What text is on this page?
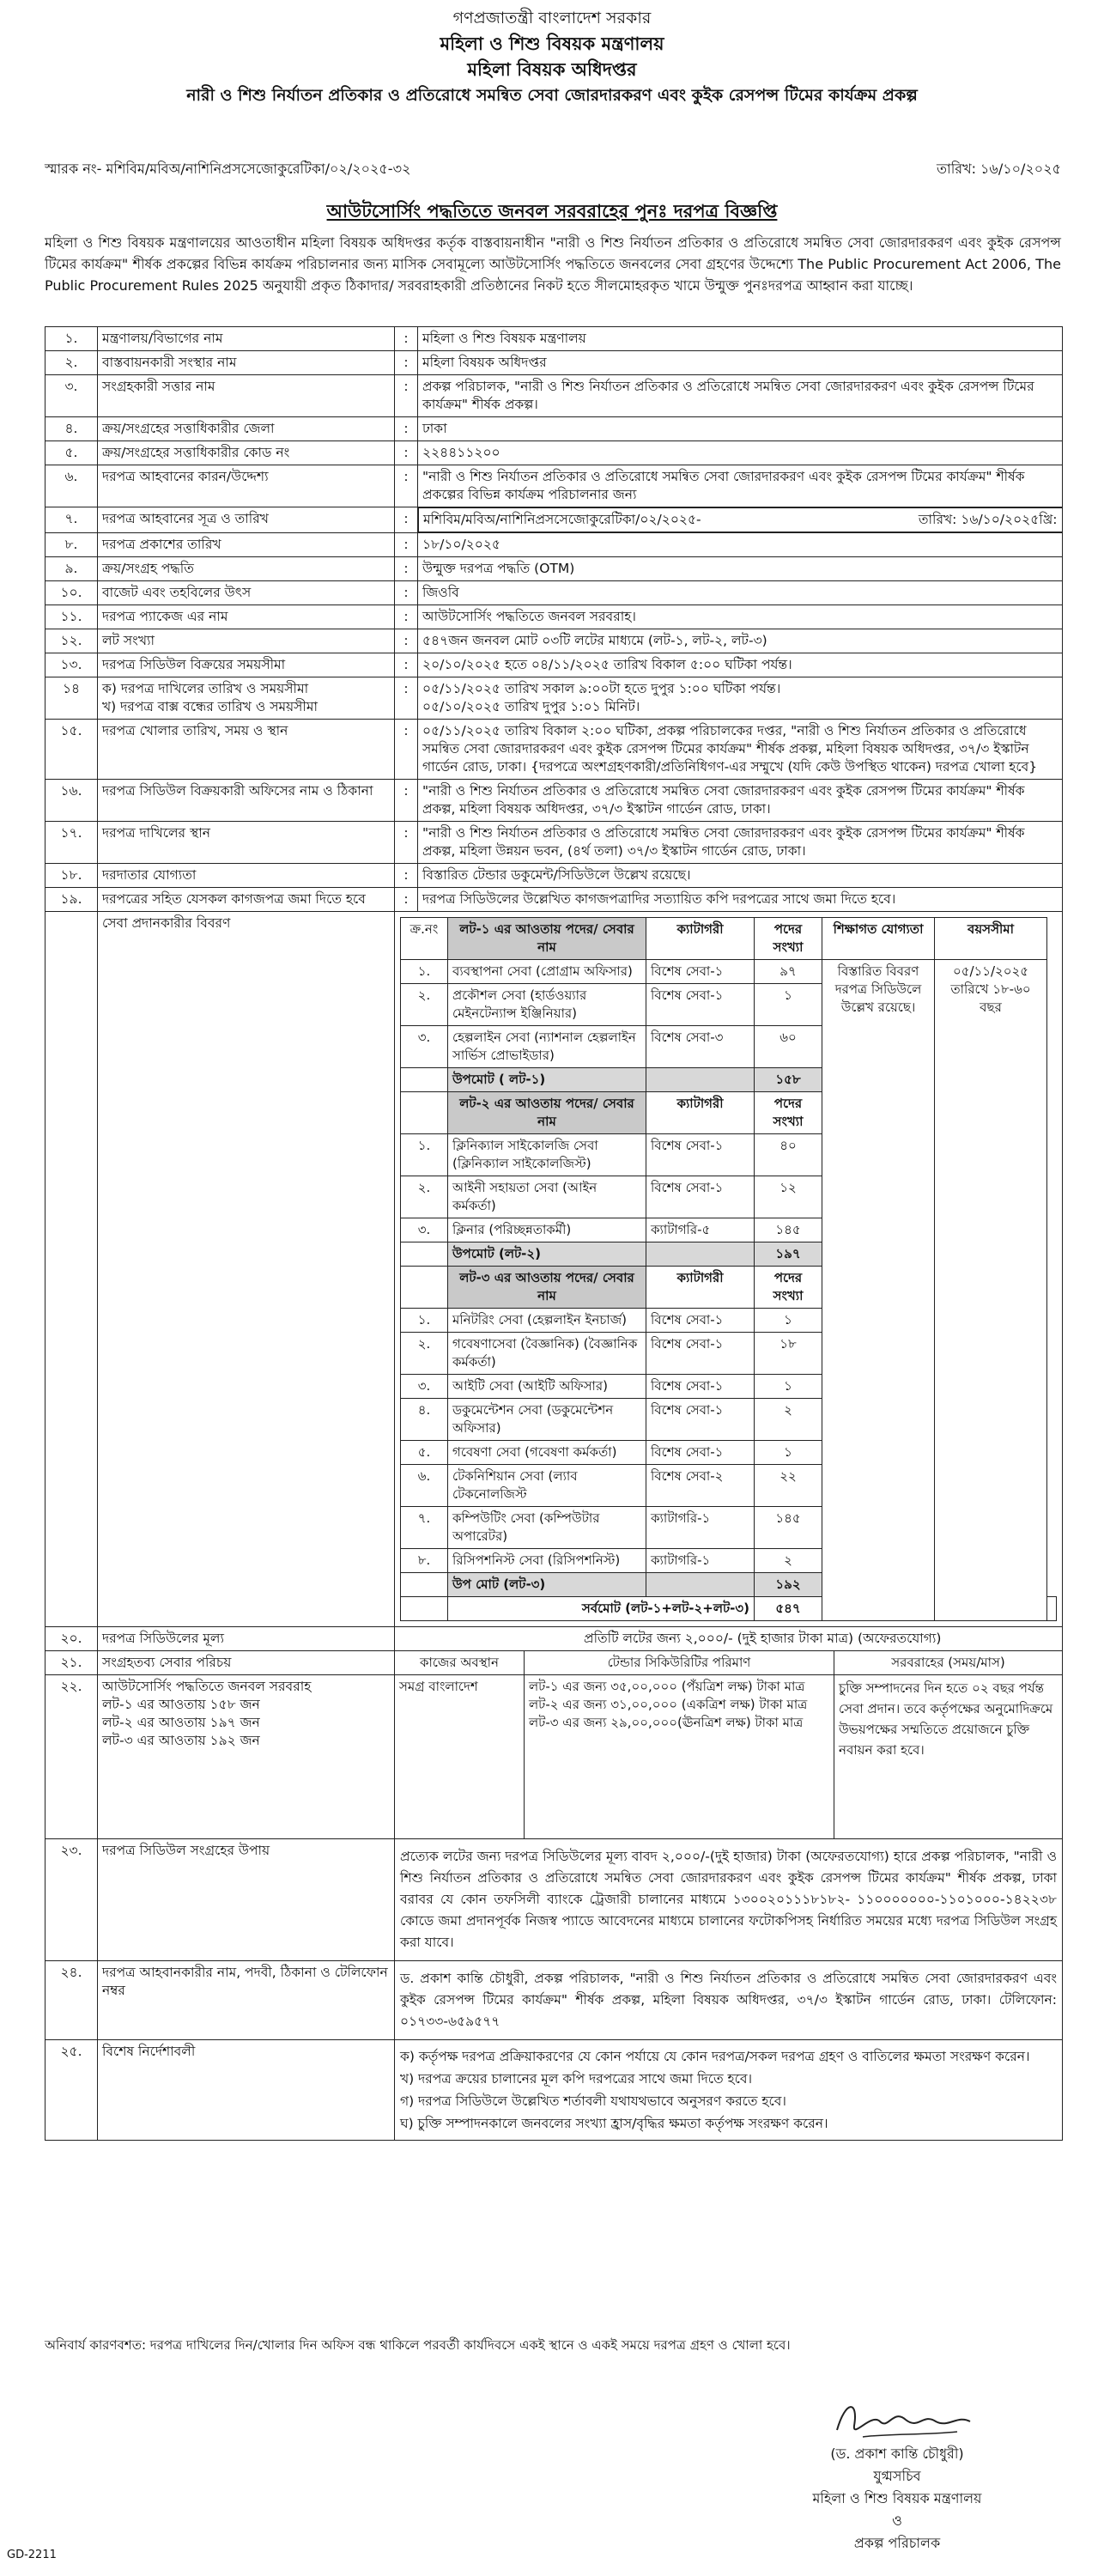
গণপ্রজাতন্ত্রী বাংলাদেশ সরকার
মহিলা ও শিশু বিষয়ক মন্ত্রণালয়
মহিলা বিষয়ক অধিদপ্তর
নারী ও শিশু নির্যাতন প্রতিকার ও প্রতিরোধে সমন্বিত সেবা জোরদারকরণ এবং কুইক রেসপন্স টিমের কার্যক্রম প্রকল্প
স্মারক নং- মশিবিম/মবিঅ/নাশিনিপ্রসসেজোকুরেটিকা/০২/২০২৫-৩২	তারিখ: ১৬/১০/২০২৫
আউটসোর্সিং পদ্ধতিতে জনবল সরবরাহের পুনঃ দরপত্র বিজ্ঞপ্তি
মহিলা ও শিশু বিষয়ক মন্ত্রণালয়ের আওতাধীন মহিলা বিষয়ক অধিদপ্তর কর্তৃক বাস্তবায়নাধীন "নারী ও শিশু নির্যাতন প্রতিকার ও প্রতিরোধে সমন্বিত সেবা জোরদারকরণ এবং কুইক রেসপন্স টিমের কার্যক্রম" শীর্ষক প্রকল্পের বিভিন্ন কার্যক্রম পরিচালনার জন্য মাসিক সেবামূল্যে আউটসোর্সিং পদ্ধতিতে জনবলের সেবা গ্রহণের উদ্দেশ্যে The Public Procurement Act 2006, The Public Procurement Rules 2025 অনুযায়ী প্রকৃত ঠিকাদার/ সরবরাহকারী প্রতিষ্ঠানের নিকট হতে সীলমোহরকৃত খামে উন্মুক্ত পুনঃদরপত্র আহ্বান করা যাচ্ছে।
১.	মন্ত্রণালয়/বিভাগের নাম	:	মহিলা ও শিশু বিষয়ক মন্ত্রণালয়

২.	বাস্তবায়নকারী সংস্থার নাম	:	মহিলা বিষয়ক অধিদপ্তর

৩.	সংগ্রহকারী সত্তার নাম	:	প্রকল্প পরিচালক, "নারী ও শিশু নির্যাতন প্রতিকার ও প্রতিরোধে সমন্বিত সেবা জোরদারকরণ এবং কুইক রেসপন্স টিমের কার্যক্রম" শীর্ষক প্রকল্প।

৪.	ক্রয়/সংগ্রহের সত্তাধিকারীর জেলা	:	ঢাকা

৫.	ক্রয়/সংগ্রহের সত্তাধিকারীর কোড নং	:	২২৪৪১১২০০

৬.	দরপত্র আহবানের কারন/উদ্দেশ্য	:	"নারী ও শিশু নির্যাতন প্রতিকার ও প্রতিরোধে সমন্বিত সেবা জোরদারকরণ এবং কুইক রেসপন্স টিমের কার্যক্রম" শীর্ষক প্রকল্পের বিভিন্ন কার্যক্রম পরিচালনার জন্য

৭.	দরপত্র আহবানের সূত্র ও তারিখ	:	মশিবিম/মবিঅ/নাশিনিপ্রসসেজোকুরেটিকা/০২/২০২৫-	তারিখ: ১৬/১০/২০২৫খ্রি:

৮.	দরপত্র প্রকাশের তারিখ	:	১৮/১০/২০২৫

৯.	ক্রয়/সংগ্রহ পদ্ধতি	:	উন্মুক্ত দরপত্র পদ্ধতি (OTM)

১০.	বাজেট এবং তহবিলের উৎস	:	জিওবি

১১.	দরপত্র প্যাকেজ এর নাম	:	আউটসোর্সিং পদ্ধতিতে জনবল সরবরাহ।

১২.	লট সংখ্যা	:	৫৪৭জন জনবল মোট ০৩টি লটের মাধ্যমে (লট-১, লট-২, লট-৩)

১৩.	দরপত্র সিডিউল বিক্রয়ের সময়সীমা	:	২০/১০/২০২৫ হতে ০৪/১১/২০২৫ তারিখ বিকাল ৫:০০ ঘটিকা পর্যন্ত।

১৪	ক) দরপত্র দাখিলের তারিখ ও সময়সীমা
খ) দরপত্র বাক্স বন্ধের তারিখ ও সময়সীমা
	:	০৫/১১/২০২৫ তারিখ সকাল ৯:০০টা হতে দুপুর ১:০০ ঘটিকা পর্যন্ত।
০৫/১০/২০২৫ তারিখ দুপুর ১:০১ মিনিট।

১৫.	দরপত্র খোলার তারিখ, সময় ও স্থান	:	০৫/১১/২০২৫ তারিখ বিকাল ২:০০ ঘটিকা, প্রকল্প পরিচালকের দপ্তর, "নারী ও শিশু নির্যাতন প্রতিকার ও প্রতিরোধে সমন্বিত সেবা জোরদারকরণ এবং কুইক রেসপন্স টিমের কার্যক্রম" শীর্ষক প্রকল্প, মহিলা বিষয়ক অধিদপ্তর, ৩৭/৩ ইস্কাটন গার্ডেন রোড, ঢাকা। {দরপত্রে অংশগ্রহণকারী/প্রতিনিধিগণ-এর সম্মুখে (যদি কেউ উপস্থিত থাকেন) দরপত্র খোলা হবে}

১৬.	দরপত্র সিডিউল বিক্রয়কারী অফিসের নাম ও ঠিকানা	:	"নারী ও শিশু নির্যাতন প্রতিকার ও প্রতিরোধে সমন্বিত সেবা জোরদারকরণ এবং কুইক রেসপন্স টিমের কার্যক্রম" শীর্ষক প্রকল্প, মহিলা বিষয়ক অধিদপ্তর, ৩৭/৩ ইস্কাটন গার্ডেন রোড, ঢাকা।

১৭.	দরপত্র দাখিলের স্থান	:	"নারী ও শিশু নির্যাতন প্রতিকার ও প্রতিরোধে সমন্বিত সেবা জোরদারকরণ এবং কুইক রেসপন্স টিমের কার্যক্রম" শীর্ষক প্রকল্প, মহিলা উন্নয়ন ভবন, (৪র্থ তলা) ৩৭/৩ ইস্কাটন গার্ডেন রোড, ঢাকা।

১৮.	দরদাতার যোগ্যতা	:	বিস্তারিত টেন্ডার ডকুমেন্ট/সিডিউলে উল্লেখ রয়েছে।

১৯.	দরপত্রের সহিত যেসকল কাগজপত্র জমা দিতে হবে	:	দরপত্র সিডিউলের উল্লেখিত কাগজপত্রাদির সত্যায়িত কপি দরপত্রের সাথে জমা দিতে হবে।

	সেবা প্রদানকারীর বিবরণ		ক্র.নং	লট-১ এর আওতায় পদের/ সেবার নাম	ক্যাটাগরী	পদের সংখ্যা	শিক্ষাগত যোগ্যতা	বয়সসীমা
১.	ব্যবস্থাপনা সেবা (প্রোগ্রাম অফিসার)	বিশেষ সেবা-১	৯৭	বিস্তারিত বিবরণ দরপত্র সিডিউলে উল্লেখ রয়েছে।	০৫/১১/২০২৫ তারিখে ১৮-৬০ বছর
২.	প্রকৌশল সেবা (হার্ডওয়্যার মেইনটেন্যান্স ইঞ্জিনিয়ার)	বিশেষ সেবা-১	১
৩.	হেল্পলাইন সেবা (ন্যাশনাল হেল্পলাইন সার্ভিস প্রোভাইডার)	বিশেষ সেবা-৩	৬০
	উপমোট ( লট-১)		১৫৮
	লট-২ এর আওতায় পদের/ সেবার নাম	ক্যাটাগরী	পদের সংখ্যা
১.	ক্লিনিক্যাল সাইকোলজি সেবা (ক্লিনিক্যাল সাইকোলজিস্ট)	বিশেষ সেবা-১	৪০
২.	আইনী সহায়তা সেবা (আইন কর্মকর্তা)	বিশেষ সেবা-১	১২
৩.	ক্লিনার (পরিচ্ছন্নতাকর্মী)	ক্যাটাগরি-৫	১৪৫
	উপমোট (লট-২)		১৯৭
	লট-৩ এর আওতায় পদের/ সেবার নাম	ক্যাটাগরী	পদের সংখ্যা
১.	মনিটরিং সেবা (হেল্পলাইন ইনচার্জ)	বিশেষ সেবা-১	১
২.	গবেষণাসেবা (বৈজ্ঞানিক) (বৈজ্ঞানিক কর্মকর্তা)	বিশেষ সেবা-১	১৮
৩.	আইটি সেবা (আইটি অফিসার)	বিশেষ সেবা-১	১
৪.	ডকুমেন্টেশন সেবা (ডকুমেন্টেশন অফিসার)	বিশেষ সেবা-১	২
৫.	গবেষণা সেবা (গবেষণা কর্মকর্তা)	বিশেষ সেবা-১	১
৬.	টেকনিশিয়ান সেবা (ল্যাব টেকনোলজিস্ট	বিশেষ সেবা-২	২২
৭.	কম্পিউটিং সেবা (কম্পিউটার অপারেটর)	ক্যাটাগরি-১	১৪৫
৮.	রিসিপশনিস্ট সেবা (রিসিপশনিস্ট)	ক্যাটাগরি-১	২
	উপ মোট (লট-৩)		১৯২
	সর্বমোট (লট-১+লট-২+লট-৩)	৫৪৭	

২০.	দরপত্র সিডিউলের মূল্য	প্রতিটি লটের জন্য ২,০০০/- (দুই হাজার টাকা মাত্র) (অফেরতযোগ্য)
২১.	সংগ্রহতব্য সেবার পরিচয়		কাজের অবস্থান	টেন্ডার সিকিউরিটির পরিমাণ	সরবরাহের (সময়/মাস)

২২.	আউটসোর্সিং পদ্ধতিতে জনবল সরবরাহ
লট-১ এর আওতায় ১৫৮ জন
লট-২ এর আওতায় ১৯৭ জন
লট-৩ এর আওতায় ১৯২ জন

সমগ্র বাংলাদেশ	লট-১ এর জন্য ৩৫,০০,০০০ (পঁয়ত্রিশ লক্ষ) টাকা মাত্র
লট-২ এর জন্য ৩১,০০,০০০ (একত্রিশ লক্ষ) টাকা মাত্র
লট-৩ এর জন্য ২৯,০০,০০০(ঊনত্রিশ লক্ষ) টাকা মাত্র
	চুক্তি সম্পাদনের দিন হতে ০২ বছর পর্যন্ত সেবা প্রদান। তবে কর্তৃপক্ষের অনুমোদিক্রমে উভয়পক্ষের সম্মতিতে প্রয়োজনে চুক্তি নবায়ন করা হবে।

২৩.	দরপত্র সিডিউল সংগ্রহের উপায়	প্রত্যেক লটের জন্য দরপত্র সিডিউলের মূল্য বাবদ ২,০০০/-(দুই হাজার) টাকা (অফেরতযোগ্য) হারে প্রকল্প পরিচালক, "নারী ও শিশু নির্যাতন প্রতিকার ও প্রতিরোধে সমন্বিত সেবা জোরদারকরণ এবং কুইক রেসপন্স টিমের কার্যক্রম" শীর্ষক প্রকল্প, ঢাকা বরাবর যে কোন তফসিলী ব্যাংকে ট্রেজারী চালানের মাধ্যমে ১৩০০২০১১১৮১৮২- ১১০০০০০০০-১১০১০০০-১৪২২৩৮ কোডে জমা প্রদানপূর্বক নিজস্ব প্যাডে আবেদনের মাধ্যমে চালানের ফটোকপিসহ নির্ধারিত সময়ের মধ্যে দরপত্র সিডিউল সংগ্রহ করা যাবে।
২৪.	দরপত্র আহবানকারীর নাম, পদবী, ঠিকানা ও টেলিফোন নম্বর	ড. প্রকাশ কান্তি চৌধুরী, প্রকল্প পরিচালক, "নারী ও শিশু নির্যাতন প্রতিকার ও প্রতিরোধে সমন্বিত সেবা জোরদারকরণ এবং কুইক রেসপন্স টিমের কার্যক্রম" শীর্ষক প্রকল্প, মহিলা বিষয়ক অধিদপ্তর, ৩৭/৩ ইস্কাটন গার্ডেন রোড, ঢাকা। টেলিফোন: ০১৭৩৩-৬৫৯৫৭৭
২৫.	বিশেষ নির্দেশাবলী	ক) কর্তৃপক্ষ দরপত্র প্রক্রিয়াকরণের যে কোন পর্যায়ে যে কোন দরপত্র/সকল দরপত্র গ্রহণ ও বাতিলের ক্ষমতা সংরক্ষণ করেন।
খ) দরপত্র ক্রয়ের চালানের মূল কপি দরপত্রের সাথে জমা দিতে হবে।
গ) দরপত্র সিডিউলে উল্লেখিত শর্তাবলী যথাযথভাবে অনুসরণ করতে হবে।
ঘ) চুক্তি সম্পাদনকালে জনবলের সংখ্যা হ্রাস/বৃদ্ধির ক্ষমতা কর্তৃপক্ষ সংরক্ষণ করেন।
অনিবার্য কারণবশত: দরপত্র দাখিলের দিন/খোলার দিন অফিস বন্ধ থাকিলে পরবর্তী কার্যদিবসে একই স্থানে ও একই সময়ে দরপত্র গ্রহণ ও খোলা হবে।
(ড. প্রকাশ কান্তি চৌধুরী)
যুগ্মসচিব
মহিলা ও শিশু বিষয়ক মন্ত্রণালয়
ও
প্রকল্প পরিচালক
GD-2211
